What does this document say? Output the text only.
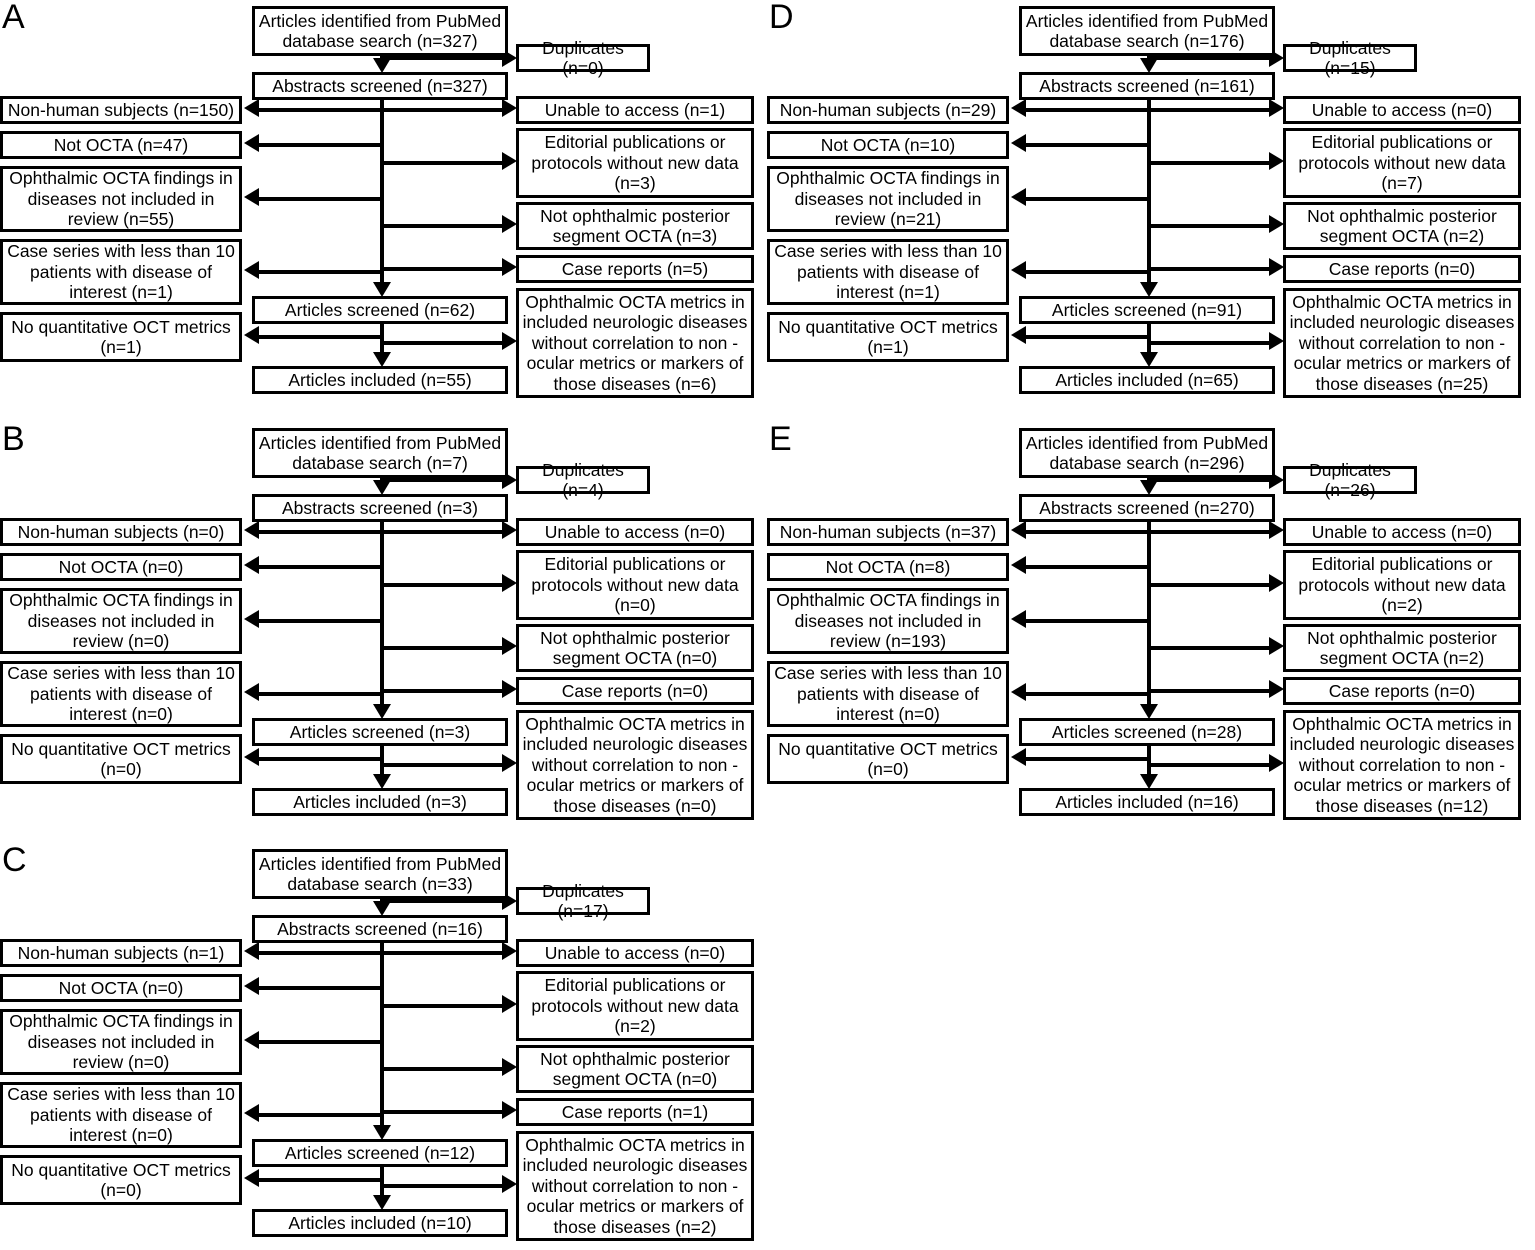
Articles identified from PubMed database search (n=327)	Duplicates (n=0)
Abstracts screened (n=327)
Non-human subjects (n=150)
Not OCTA (n=47)
Ophthalmic OCTA findings in diseases not included in review (n=55)
Case series with less than 10 patients with disease of interest (n=1)
No quantitative OCT metrics (n=1)
Unable to access (n=1)
Editorial publications or protocols without new data (n=3)
Not ophthalmic posterior segment OCTA (n=3)
Case reports (n=5)
Articles screened (n=62)	Ophthalmic OCTA metrics in included neurologic diseases without correlation to non -ocular metrics or markers of those diseases (n=6)
Articles included (n=55)
A
Articles identified from PubMed database search (n=7)	Duplicates (n=4)
Abstracts screened (n=3)
Non-human subjects (n=0)
Not OCTA (n=0)
Ophthalmic OCTA findings in diseases not included in review (n=0)
Case series with less than 10 patients with disease of interest (n=0)
No quantitative OCT metrics (n=0)
Unable to access (n=0)
Editorial publications or protocols without new data (n=0)
Not ophthalmic posterior segment OCTA (n=0)
Case reports (n=0)
Articles screened (n=3)	Ophthalmic OCTA metrics in included neurologic diseases without correlation to non -ocular metrics or markers of those diseases (n=0)
Articles included (n=3)
B
Articles identified from PubMed database search (n=33)	Duplicates (n=17)
Abstracts screened (n=16)
Non-human subjects (n=1)
Not OCTA (n=0)
Ophthalmic OCTA findings in diseases not included in review (n=0)
Case series with less than 10 patients with disease of interest (n=0)
No quantitative OCT metrics (n=0)
Unable to access (n=0)
Editorial publications or protocols without new data (n=2)
Not ophthalmic posterior segment OCTA (n=0)
Case reports (n=1)
Articles screened (n=12)	Ophthalmic OCTA metrics in included neurologic diseases without correlation to non -ocular metrics or markers of those diseases (n=2)
Articles included (n=10)
C
Articles identified from PubMed database search (n=176)	Duplicates (n=15)
Abstracts screened (n=161)
Non-human subjects (n=29)
Not OCTA (n=10)
Ophthalmic OCTA findings in diseases not included in review (n=21)
Case series with less than 10 patients with disease of interest (n=1)
No quantitative OCT metrics (n=1)
Unable to access (n=0)
Editorial publications or protocols without new data (n=7)
Not ophthalmic posterior segment OCTA (n=2)
Case reports (n=0)
Articles screened (n=91)	Ophthalmic OCTA metrics in included neurologic diseases without correlation to non -ocular metrics or markers of those diseases (n=25)
Articles included (n=65)
D
Articles identified from PubMed database search (n=296)	Duplicates (n=26)
Abstracts screened (n=270)
Non-human subjects (n=37)
Not OCTA (n=8)
Ophthalmic OCTA findings in diseases not included in review (n=193)
Case series with less than 10 patients with disease of interest (n=0)
No quantitative OCT metrics (n=0)
Unable to access (n=0)
Editorial publications or protocols without new data (n=2)
Not ophthalmic posterior segment OCTA (n=2)
Case reports (n=0)
Articles screened (n=28)	Ophthalmic OCTA metrics in included neurologic diseases without correlation to non -ocular metrics or markers of those diseases (n=12)
Articles included (n=16)
E
